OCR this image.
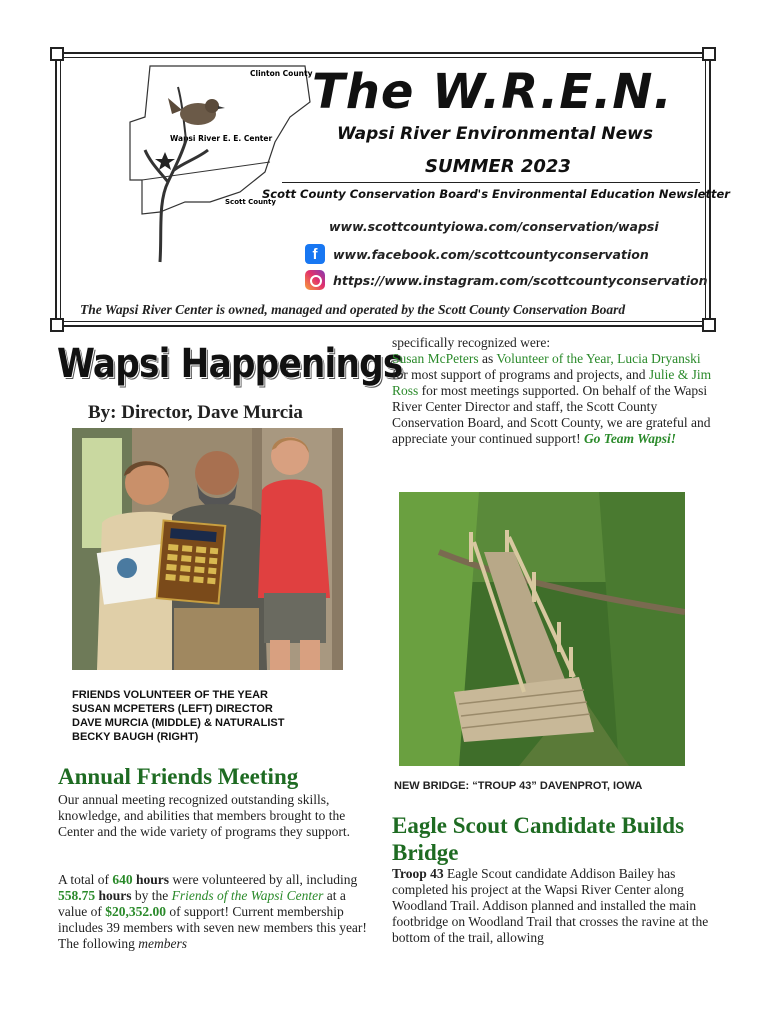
Clinton County
Wapsi River E. E. Center
Scott County
The W.R.E.N.
Wapsi River Environmental News
SUMMER 2023
Scott County Conservation Board's Environmental Education Newsletter
www.scottcountyiowa.com/conservation/wapsi
f	www.facebook.com/scottcountyconservation
https://www.instagram.com/scottcountyconservation
The Wapsi River Center is owned, managed and operated by the Scott County Conservation Board
Wapsi Happenings
By: Director, Dave Murcia
FRIENDS VOLUNTEER OF THE YEAR
SUSAN MCPETERS (LEFT) DIRECTOR
DAVE MURCIA (MIDDLE) & NATURALIST
BECKY BAUGH (RIGHT)
Annual Friends Meeting
Our annual meeting recognized outstanding skills, knowledge, and abilities that members brought to the Center and the wide variety of programs they support.
A total of 640 hours were volunteered by all, including 558.75 hours by the Friends of the Wapsi Center at a value of $20,352.00 of support! Current membership includes 39 members with seven new members this year! The following members
specifically recognized were:
Susan McPeters as Volunteer of the Year, Lucia Dryanski for most support of programs and projects, and Julie & Jim Ross for most meetings supported. On behalf of the Wapsi River Center Director and staff, the Scott County Conservation Board, and Scott County, we are grateful and appreciate your continued support! Go Team Wapsi!
NEW BRIDGE: “TROUP 43” DAVENPROT, IOWA
Eagle Scout Candidate Builds Bridge
Troop 43 Eagle Scout candidate Addison Bailey has completed his project at the Wapsi River Center along Woodland Trail. Addison planned and installed the main footbridge on Woodland Trail that crosses the ravine at the bottom of the trail, allowing
